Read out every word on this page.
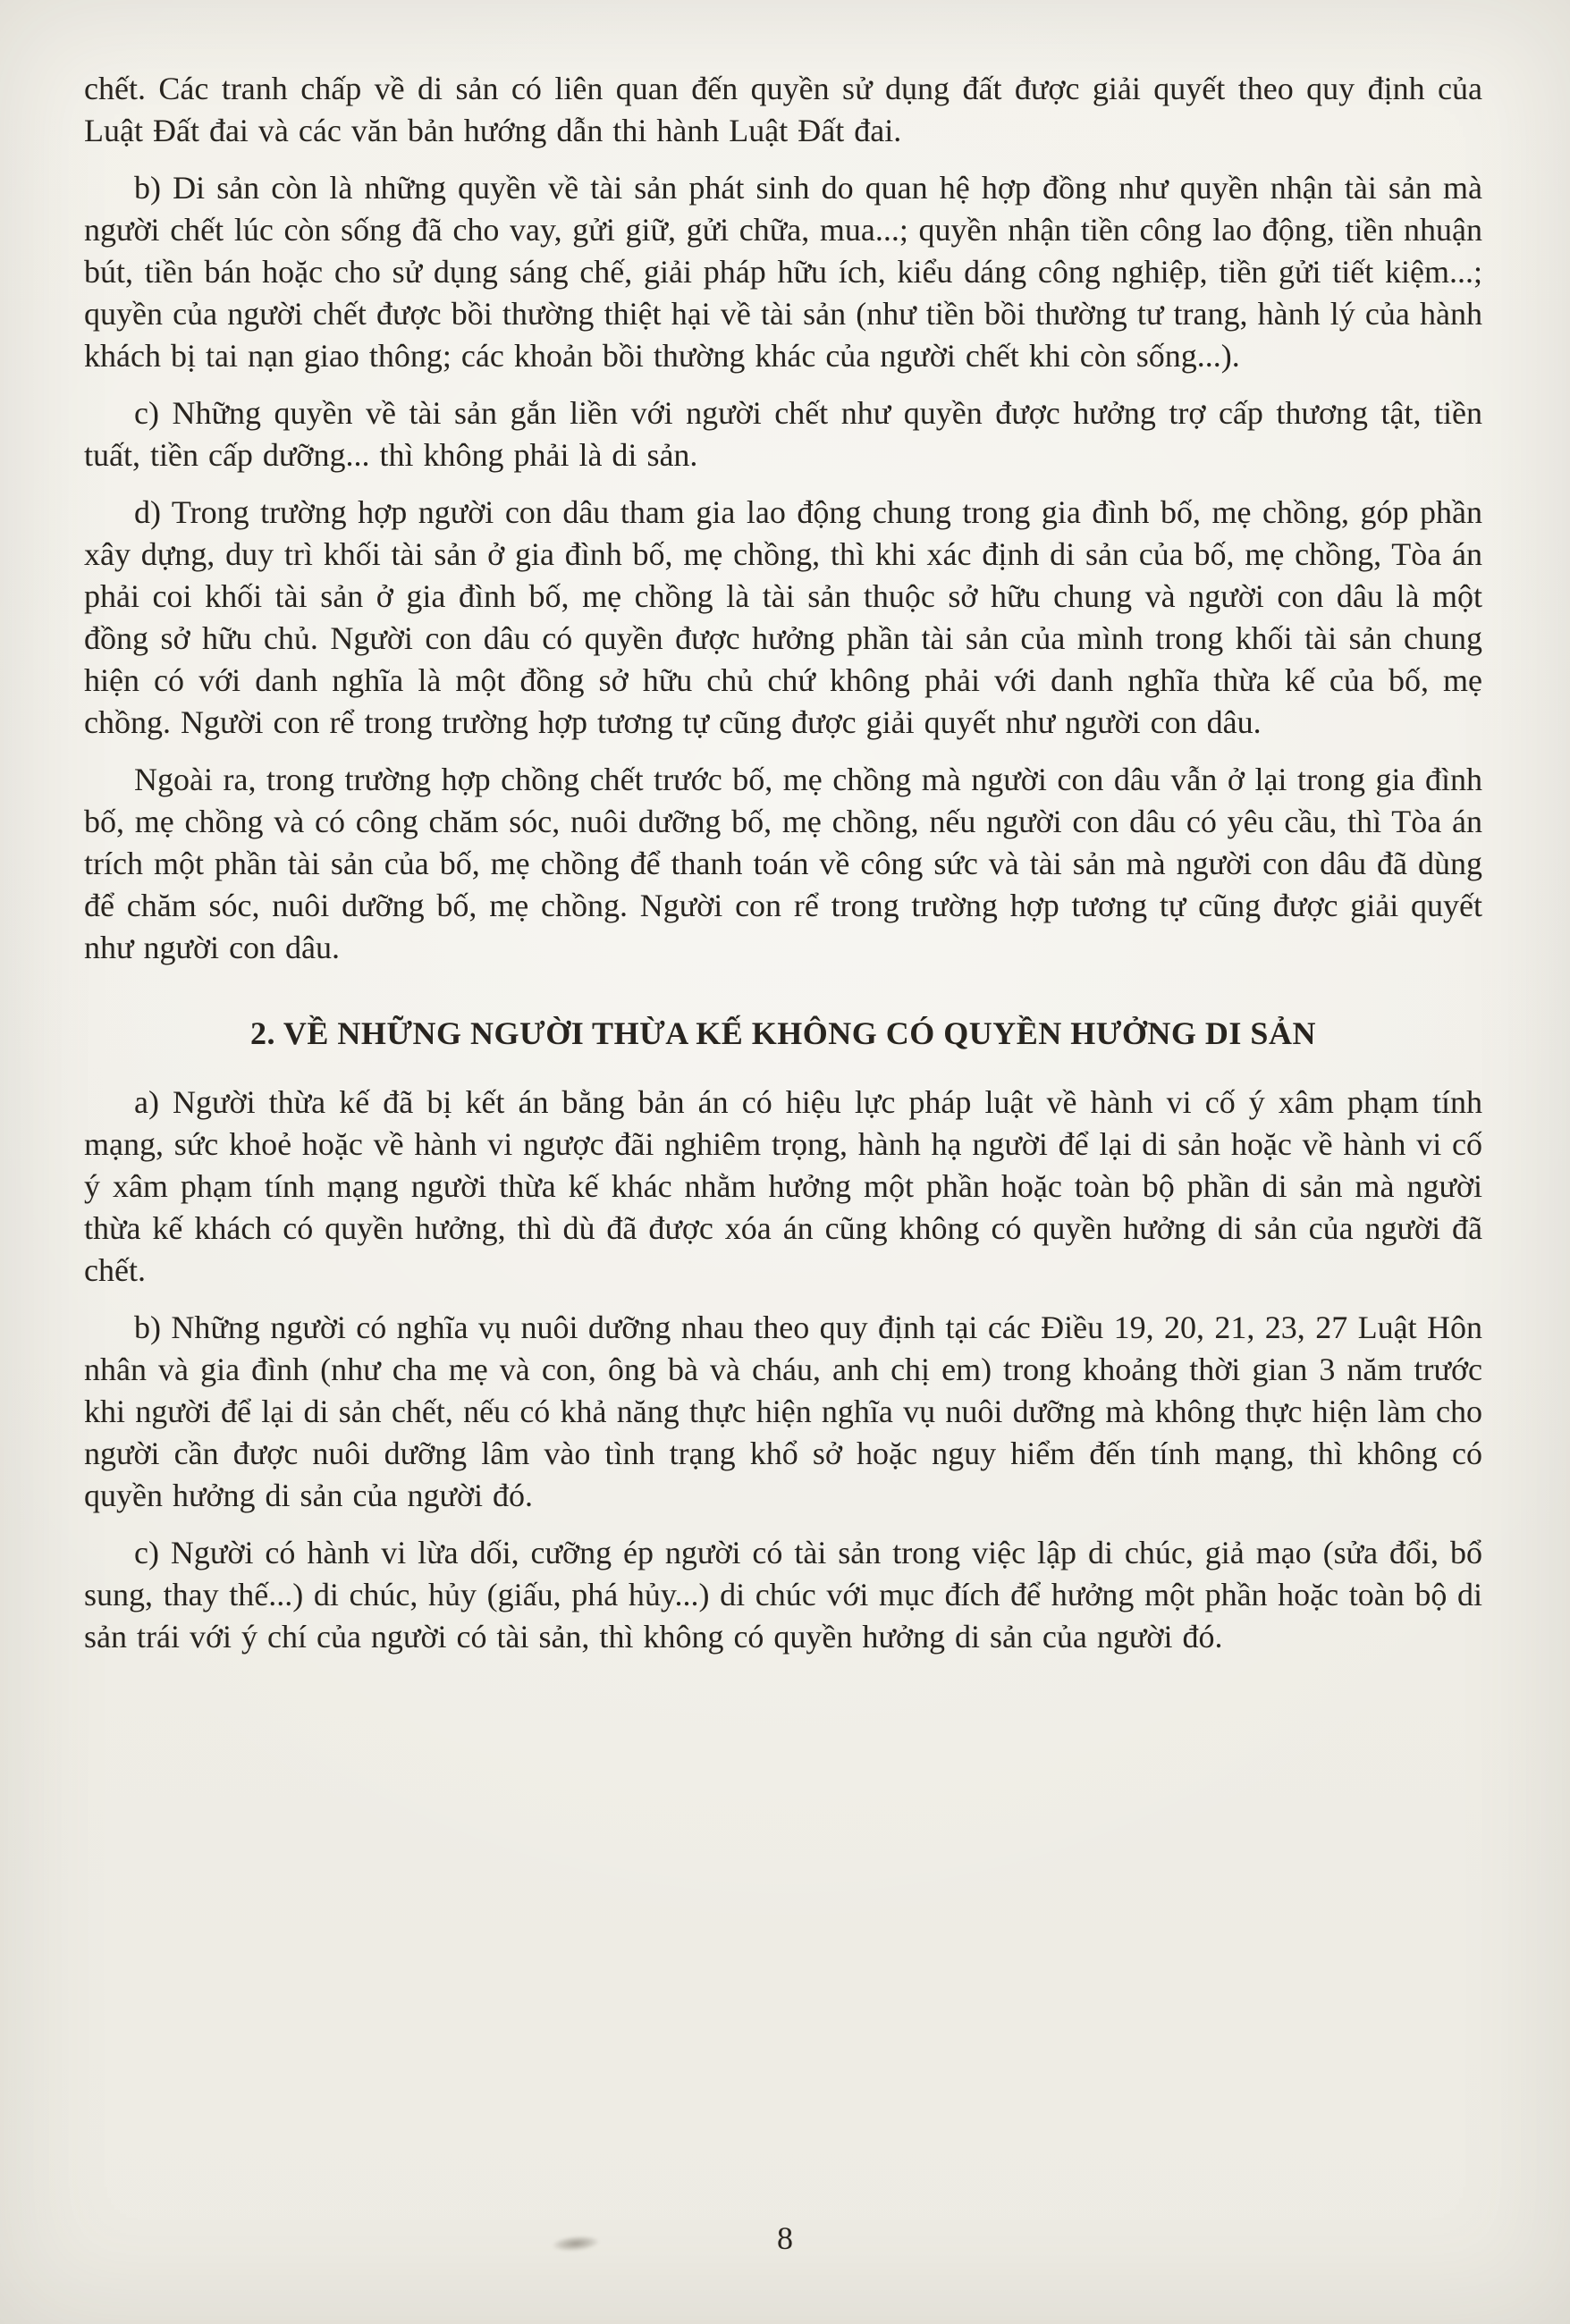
chết. Các tranh chấp về di sản có liên quan đến quyền sử dụng đất được giải quyết theo quy định của Luật Đất đai và các văn bản hướng dẫn thi hành Luật Đất đai.

b) Di sản còn là những quyền về tài sản phát sinh do quan hệ hợp đồng như quyền nhận tài sản mà người chết lúc còn sống đã cho vay, gửi giữ, gửi chữa, mua...; quyền nhận tiền công lao động, tiền nhuận bút, tiền bán hoặc cho sử dụng sáng chế, giải pháp hữu ích, kiểu dáng công nghiệp, tiền gửi tiết kiệm...; quyền của người chết được bồi thường thiệt hại về tài sản (như tiền bồi thường tư trang, hành lý của hành khách bị tai nạn giao thông; các khoản bồi thường khác của người chết khi còn sống...).

c) Những quyền về tài sản gắn liền với người chết như quyền được hưởng trợ cấp thương tật, tiền tuất, tiền cấp dưỡng... thì không phải là di sản.

d) Trong trường hợp người con dâu tham gia lao động chung trong gia đình bố, mẹ chồng, góp phần xây dựng, duy trì khối tài sản ở gia đình bố, mẹ chồng, thì khi xác định di sản của bố, mẹ chồng, Tòa án phải coi khối tài sản ở gia đình bố, mẹ chồng là tài sản thuộc sở hữu chung và người con dâu là một đồng sở hữu chủ. Người con dâu có quyền được hưởng phần tài sản của mình trong khối tài sản chung hiện có với danh nghĩa là một đồng sở hữu chủ chứ không phải với danh nghĩa thừa kế của bố, mẹ chồng. Người con rể trong trường hợp tương tự cũng được giải quyết như người con dâu.

Ngoài ra, trong trường hợp chồng chết trước bố, mẹ chồng mà người con dâu vẫn ở lại trong gia đình bố, mẹ chồng và có công chăm sóc, nuôi dưỡng bố, mẹ chồng, nếu người con dâu có yêu cầu, thì Tòa án trích một phần tài sản của bố, mẹ chồng để thanh toán về công sức và tài sản mà người con dâu đã dùng để chăm sóc, nuôi dưỡng bố, mẹ chồng. Người con rể trong trường hợp tương tự cũng được giải quyết như người con dâu.

2. VỀ NHỮNG NGƯỜI THỪA KẾ KHÔNG CÓ QUYỀN HƯỞNG DI SẢN

a) Người thừa kế đã bị kết án bằng bản án có hiệu lực pháp luật về hành vi cố ý xâm phạm tính mạng, sức khoẻ hoặc về hành vi ngược đãi nghiêm trọng, hành hạ người để lại di sản hoặc về hành vi cố ý xâm phạm tính mạng người thừa kế khác nhằm hưởng một phần hoặc toàn bộ phần di sản mà người thừa kế khách có quyền hưởng, thì dù đã được xóa án cũng không có quyền hưởng di sản của người đã chết.

b) Những người có nghĩa vụ nuôi dưỡng nhau theo quy định tại các Điều 19, 20, 21, 23, 27 Luật Hôn nhân và gia đình (như cha mẹ và con, ông bà và cháu, anh chị em) trong khoảng thời gian 3 năm trước khi người để lại di sản chết, nếu có khả năng thực hiện nghĩa vụ nuôi dưỡng mà không thực hiện làm cho người cần được nuôi dưỡng lâm vào tình trạng khổ sở hoặc nguy hiểm đến tính mạng, thì không có quyền hưởng di sản của người đó.

c) Người có hành vi lừa dối, cưỡng ép người có tài sản trong việc lập di chúc, giả mạo (sửa đổi, bổ sung, thay thế...) di chúc, hủy (giấu, phá hủy...) di chúc với mục đích để hưởng một phần hoặc toàn bộ di sản trái với ý chí của người có tài sản, thì không có quyền hưởng di sản của người đó.

8
